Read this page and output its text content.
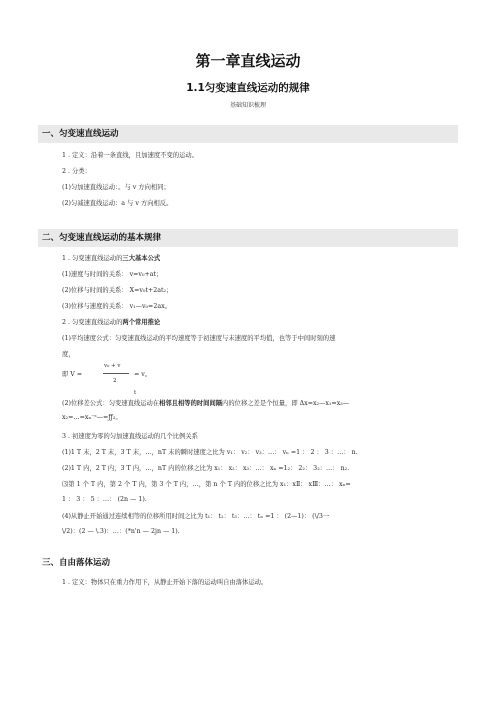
第一章直线运动
1.1匀变速直线运动的规律
基础知识梳理
一、匀变速直线运动
1 . 定义：沿着一条直线，且加速度不变的运动。
2 . 分类：
(1)匀加速直线运动：。与 v 方向相同；
(2)匀减速直线运动：a 与 v 方向相反。
二、匀变速直线运动的基本规律
1 . 匀变速直线运动的三大基本公式
(1)速度与时间的关系： v=v₀+at；
(2)位移与时间的关系： X=v₀t+2at₂；
(3)位移与速度的关系： v₁—v₀=2ax。
2 . 匀变速直线运动的两个常用推论
(1)平均速度公式：匀变速直线运动的平均速度等于初速度与末速度的平均值，也等于中间时刻的速
度，
即 V =
v₀ + v
= v。
2
t
(2)位移差公式：匀变速直线运动在相邻且相等的时间间隔内的位移之差是个恒量，即 Δx=x₂—x₁=x₃—
x₂=…=xₙ⁻ˢ—=ƒƒ₂。
3 . 初速度为零的匀加速直线运动的几个比例关系
(1)1 T 末，2 T 末，3 T 末，…，nT 末的瞬时速度之比为 v₁： v₂： v₃：…： vₙ =1 ： 2 ： 3 ：…： n.
(2)1 T 内，2 T 内，3 T 内，…，nT 内的位移之比为 x₁： x₂： x₃：…： xₙ =1₂： 2₂： 3₂：…： n₂.
⑶第 1 个 T 内，第 2 个 T 内，第 3 个 T 内，…，第 n 个 T 内的位移之比为 x₁：xⅡ： xⅢ：…： xₙ=
1 ： 3 ： 5 ：…： (2n — 1).
(4)从静止开始通过连续相等的位移所用时间之比为 t₁： t₂： t₃：…： tₙ =1 ： (2—1)： (\/3一
\/2)：(2 — \.3)：…：(*n'n — 2jn — 1).
三、自由落体运动
1 . 定义：物体只在重力作用下，从静止开始下落的运动叫自由落体运动。
